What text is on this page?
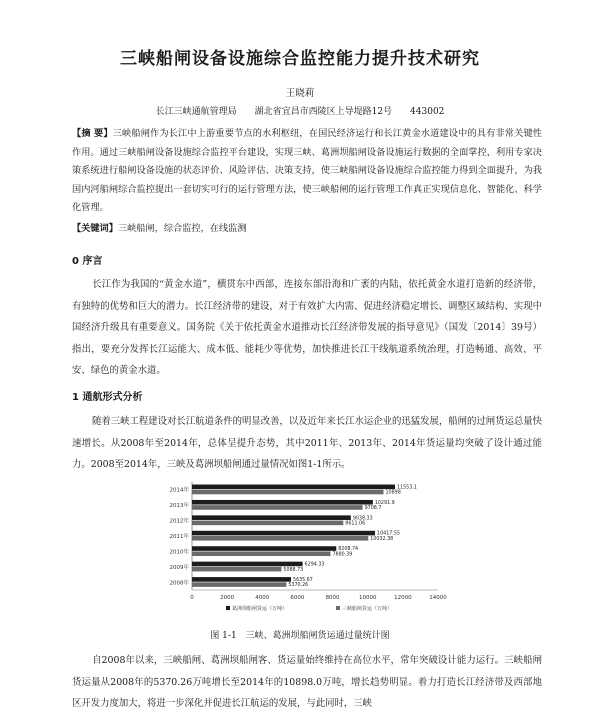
三峡船闸设备设施综合监控能力提升技术研究
王晓莉
长江三峡通航管理局　　湖北省宜昌市西陵区上导堤路12号　　443002
【摘 要】三峡船闸作为长江中上游重要节点的水利枢纽，在国民经济运行和长江黄金水道建设中的具有非常关键性作用。通过三峡船闸设备设施综合监控平台建设，实现三峡、葛洲坝船闸设备设施运行数据的全面掌控，利用专家决策系统进行船闸设备设施的状态评价、风险评估、决策支持，使三峡船闸设备设施综合监控能力得到全面提升，为我国内河船闸综合监控提出一套切实可行的运行管理方法，使三峡船闸的运行管理工作真正实现信息化、智能化、科学化管理。
【关键词】三峡船闸，综合监控，在线监测
0 序言
长江作为我国的“黄金水道”，横贯东中西部，连接东部沿海和广袤的内陆，依托黄金水道打造新的经济带，有独特的优势和巨大的潜力。长江经济带的建设，对于有效扩大内需、促进经济稳定增长、调整区域结构、实现中国经济升级具有重要意义。国务院《关于依托黄金水道推动长江经济带发展的指导意见》（国发〔2014〕39号）指出，要充分发挥长江运能大、成本低、能耗少等优势，加快推进长江干线航道系统治理，打造畅通、高效、平安、绿色的黄金水道。
1 通航形式分析
随着三峡工程建设对长江航道条件的明显改善，以及近年来长江水运企业的迅猛发展，船闸的过闸货运总量快速增长。从2008年至2014年，总体呈提升态势，其中2011年、2013年、2014年货运量均突破了设计通过能力。2008至2014年，三峡及葛洲坝船闸通过量情况如图1-1所示。
0	2000	4000	6000	8000	10000	12000	14000
2014年	11553.1
10898
2013年	10291.9
9708.7
2012年	9038.33
8611.06
2011年	10417.55
10032.38
2010年	8208.74
7880.39
2009年	6294.33
5088.73
2008年	5635.67
5370.26
葛洲坝船闸货运（万吨）	三峡船闸货运（万吨）
图 1-1　三峡、葛洲坝船闸货运通过量统计图
自2008年以来，三峡船闸、葛洲坝船闸客、货运量始终维持在高位水平，常年突破设计能力运行。三峡船闸货运量从2008年的5370.26万吨增长至2014年的10898.0万吨，增长趋势明显。着力打造长江经济带及西部地区开发力度加大，将进一步深化并促进长江航运的发展，与此同时，三峡
